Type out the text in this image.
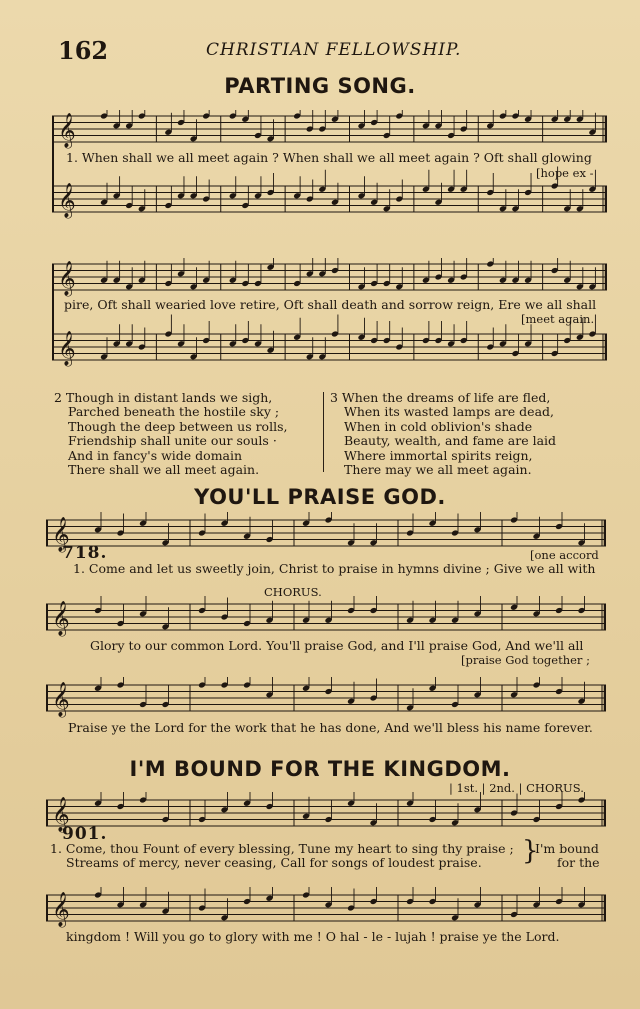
162	CHRISTIAN FELLOWSHIP.
PARTING SONG.
𝄞
𝄞
1. When shall we all meet again ? When shall we all meet again ? Oft shall glowing
[hope ex -
𝄞
𝄞
pire, Oft shall wearied love retire, Oft shall death and sorrow reign, Ere we all shall
[meet again.
2 Though in distant lands we sigh,
Parched beneath the hostile sky ;
Though the deep between us rolls,
Friendship shall unite our souls ·
And in fancy's wide domain
There shall we all meet again.
3 When the dreams of life are fled,
When its wasted lamps are dead,
When in cold oblivion's shade
Beauty, wealth, and fame are laid
Where immortal spirits reign,
There may we all meet again.
YOU'LL PRAISE GOD.
𝄞
718.	[one accord
1. Come and let us sweetly join, Christ to praise in hymns divine ; Give we all with
CHORUS.
𝄞
Glory to our common Lord. You'll praise God, and I'll praise God, And we'll all
[praise God together ;
𝄞
Praise ye the Lord for the work that he has done, And we'll bless his name forever.
I'M BOUND FOR THE KINGDOM.
| 1st. | 2nd. | CHORUS.
𝄞
901.
1. Come, thou Fount of every blessing, Tune my heart to sing thy praise ;
Streams of mercy, never ceasing, Call for songs of loudest praise. }
I'm bound
for the
𝄞
kingdom ! Will you go to glory with me ! O hal - le - lujah ! praise ye the Lord.
